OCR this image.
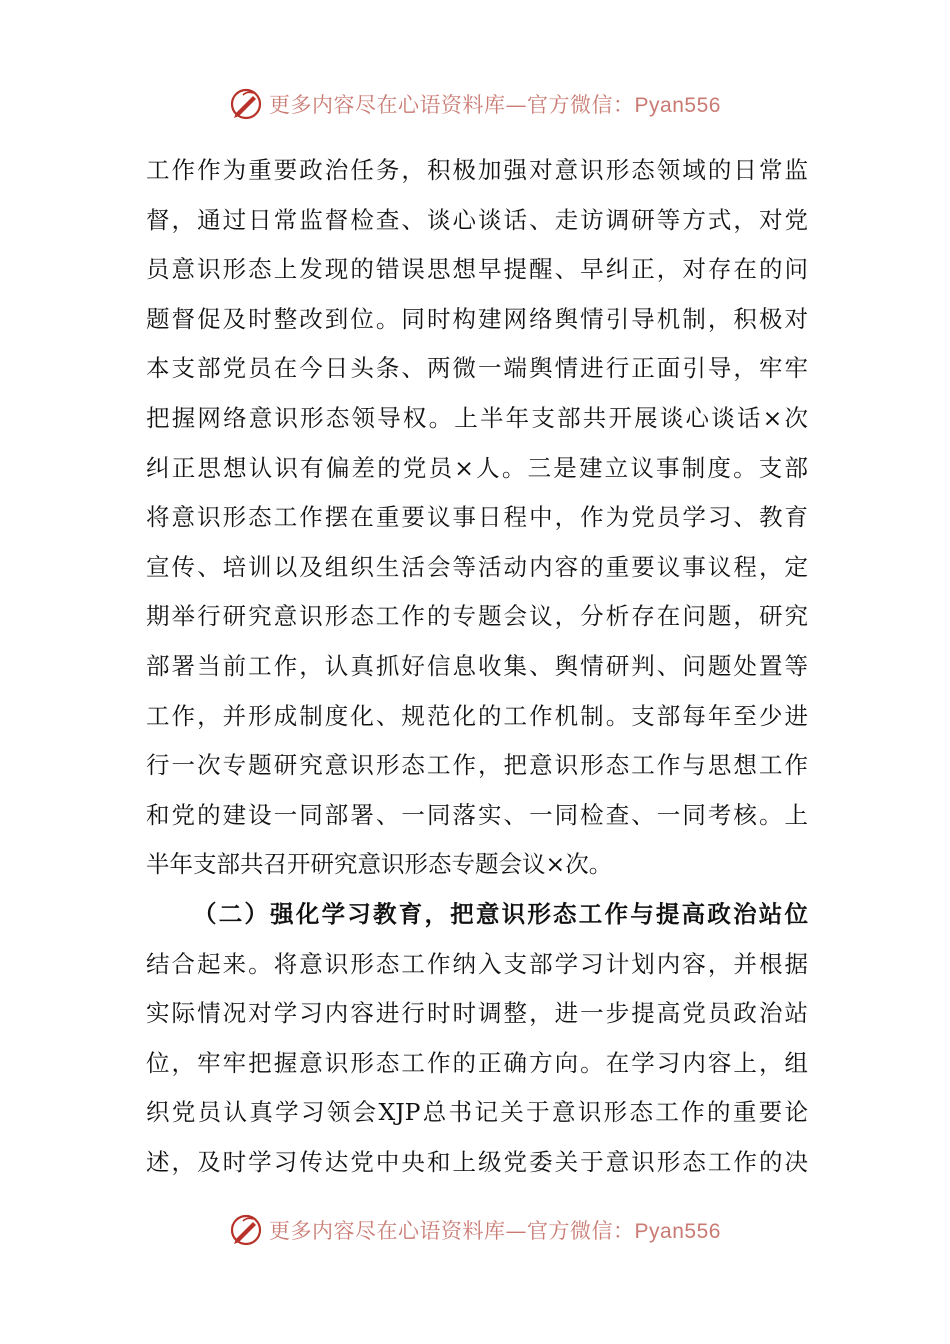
更多内容尽在心语资料库—官方微信：Pyan556
工作作为重要政治任务，积极加强对意识形态领域的日常监
督，通过日常监督检查、谈心谈话、走访调研等方式，对党
员意识形态上发现的错误思想早提醒、早纠正，对存在的问
题督促及时整改到位。同时构建网络舆情引导机制，积极对
本支部党员在今日头条、两微一端舆情进行正面引导，牢牢
把握网络意识形态领导权。上半年支部共开展谈心谈话×次
纠正思想认识有偏差的党员×人。三是建立议事制度。支部
将意识形态工作摆在重要议事日程中，作为党员学习、教育
宣传、培训以及组织生活会等活动内容的重要议事议程，定
期举行研究意识形态工作的专题会议，分析存在问题，研究
部署当前工作，认真抓好信息收集、舆情研判、问题处置等
工作，并形成制度化、规范化的工作机制。支部每年至少进
行一次专题研究意识形态工作，把意识形态工作与思想工作
和党的建设一同部署、一同落实、一同检查、一同考核。上
半年支部共召开研究意识形态专题会议×次。
（二）强化学习教育，把意识形态工作与提高政治站位
结合起来。将意识形态工作纳入支部学习计划内容，并根据
实际情况对学习内容进行时时调整，进一步提高党员政治站
位，牢牢把握意识形态工作的正确方向。在学习内容上，组
织党员认真学习领会XJP总书记关于意识形态工作的重要论
述，及时学习传达党中央和上级党委关于意识形态工作的决
更多内容尽在心语资料库—官方微信：Pyan556
